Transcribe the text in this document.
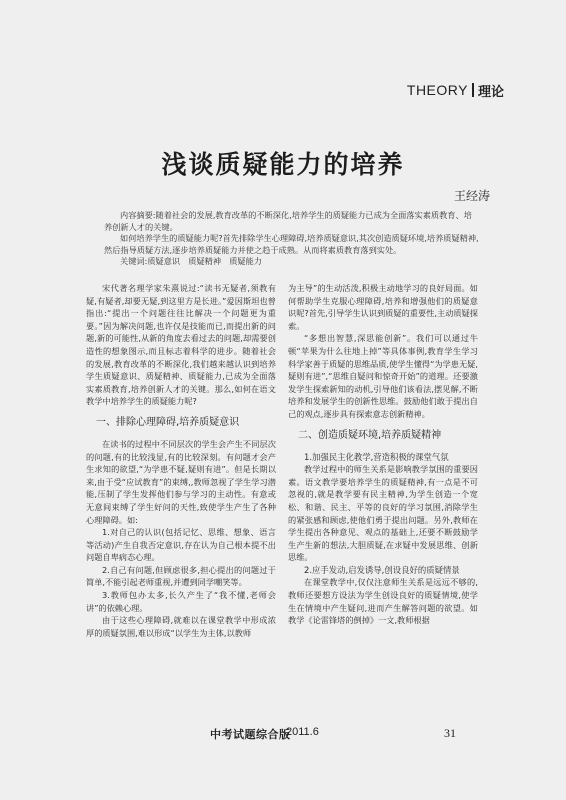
THEORY 理论
浅谈质疑能力的培养
王经涛

内容摘要:随着社会的发展,教育改革的不断深化,培养学生的质疑能力已成为全面落实素质教育、培养创新人才的关键。

如何培养学生的质疑能力呢?首先排除学生心理障碍,培养质疑意识,其次创造质疑环境,培养质疑精神,然后指导质疑方法,逐步培养质疑能力并使之趋于成熟。从而将素质教育落到实处。

关键词:质疑意识　质疑精神　质疑能力

宋代著名理学家朱熹说过:“读书无疑者,须教有疑,有疑者,却要无疑,到这里方是长进。”爱因斯坦也曾指出:“提出一个问题往往比解决一个问题更为重要。”因为解决问题,也许仅是技能而已,而提出新的问题,新的可能性,从新的角度去看过去的问题,却需要创造性的想象图示,而且标志着科学的进步。随着社会的发展,教育改革的不断深化,我们越来越认识到培养学生质疑意识、质疑精神、质疑能力,已成为全面落实素质教育,培养创新人才的关键。那么,如何在语文教学中培养学生的质疑能力呢?

一、排除心理障碍,培养质疑意识

在读书的过程中不同层次的学生会产生不同层次的问题,有的比较浅显,有的比较深刻。有问题才会产生求知的欲望,“为学患不疑,疑则有进”。但是长期以来,由于受“应试教育”的束缚,,教师忽视了学生学习潜能,压制了学生发挥他们参与学习的主动性。有意或无意间束缚了学生好问的天性,致使学生产生了各种心理障碍。如:

1.对自己的认识(包括记忆、思维、想象、语言等活动)产生自我否定意识,存在认为自己根本提不出问题自卑病态心理。

2.自己有问题,但顾虑很多,担心提出的问题过于简单,不能引起老师重视,并遭到同学嘲笑等。

3.教师包办太多,长久产生了“我不懂,老师会讲”的依赖心理。

由于这些心理障碍,就难以在课堂教学中形成浓厚的质疑氛围,难以形成“以学生为主体,以教师

为主导”的生动活泼,积极主动地学习的良好局面。如何帮助学生克服心理障碍,培养和增强他们的质疑意识呢?首先,引导学生认识到质疑的重要性,主动质疑探索。

“多想出智慧,深思能创新”。我们可以通过牛顿“苹果为什么往地上掉”等具体事例,教育学生学习科学家善于质疑的思维品质,使学生懂得“为学患无疑,疑则有进”,“思维自疑问和惊奇开始”的道理。还要激发学生探索新知的动机,引导他们该看法,摆见解,不断培养和发展学生的创新性思维。鼓励他们敢于提出自己的观点,逐步具有探索意志创新精神。

二、创造质疑环境,培养质疑精神
1.加强民主化教学,营造积极的课堂气氛

教学过程中的师生关系是影响教学氛围的重要因素。语文教学要培养学生的质疑精神,有一点是不可忽视的,就是教学要有民主精神,为学生创造一个宽松、和谐、民主、平等的良好的学习氛围,消除学生的紧张感和顾虑,使他们勇于提出问题。另外,教师在学生提出各种意见、观点的基础上,还要不断鼓励学生产生新的想法,大胆质疑,在求疑中发展思维、创新思维。

2.应手发动,启发诱导,创设良好的质疑情景

在课堂教学中,仅仅注意师生关系是远远不够的,教师还要想方设法为学生创设良好的质疑情境,使学生在情境中产生疑问,进而产生解答问题的欲望。如教学《论雷锋塔的倒掉》一文,教师根据

中考试题综合版
2011.6	31
